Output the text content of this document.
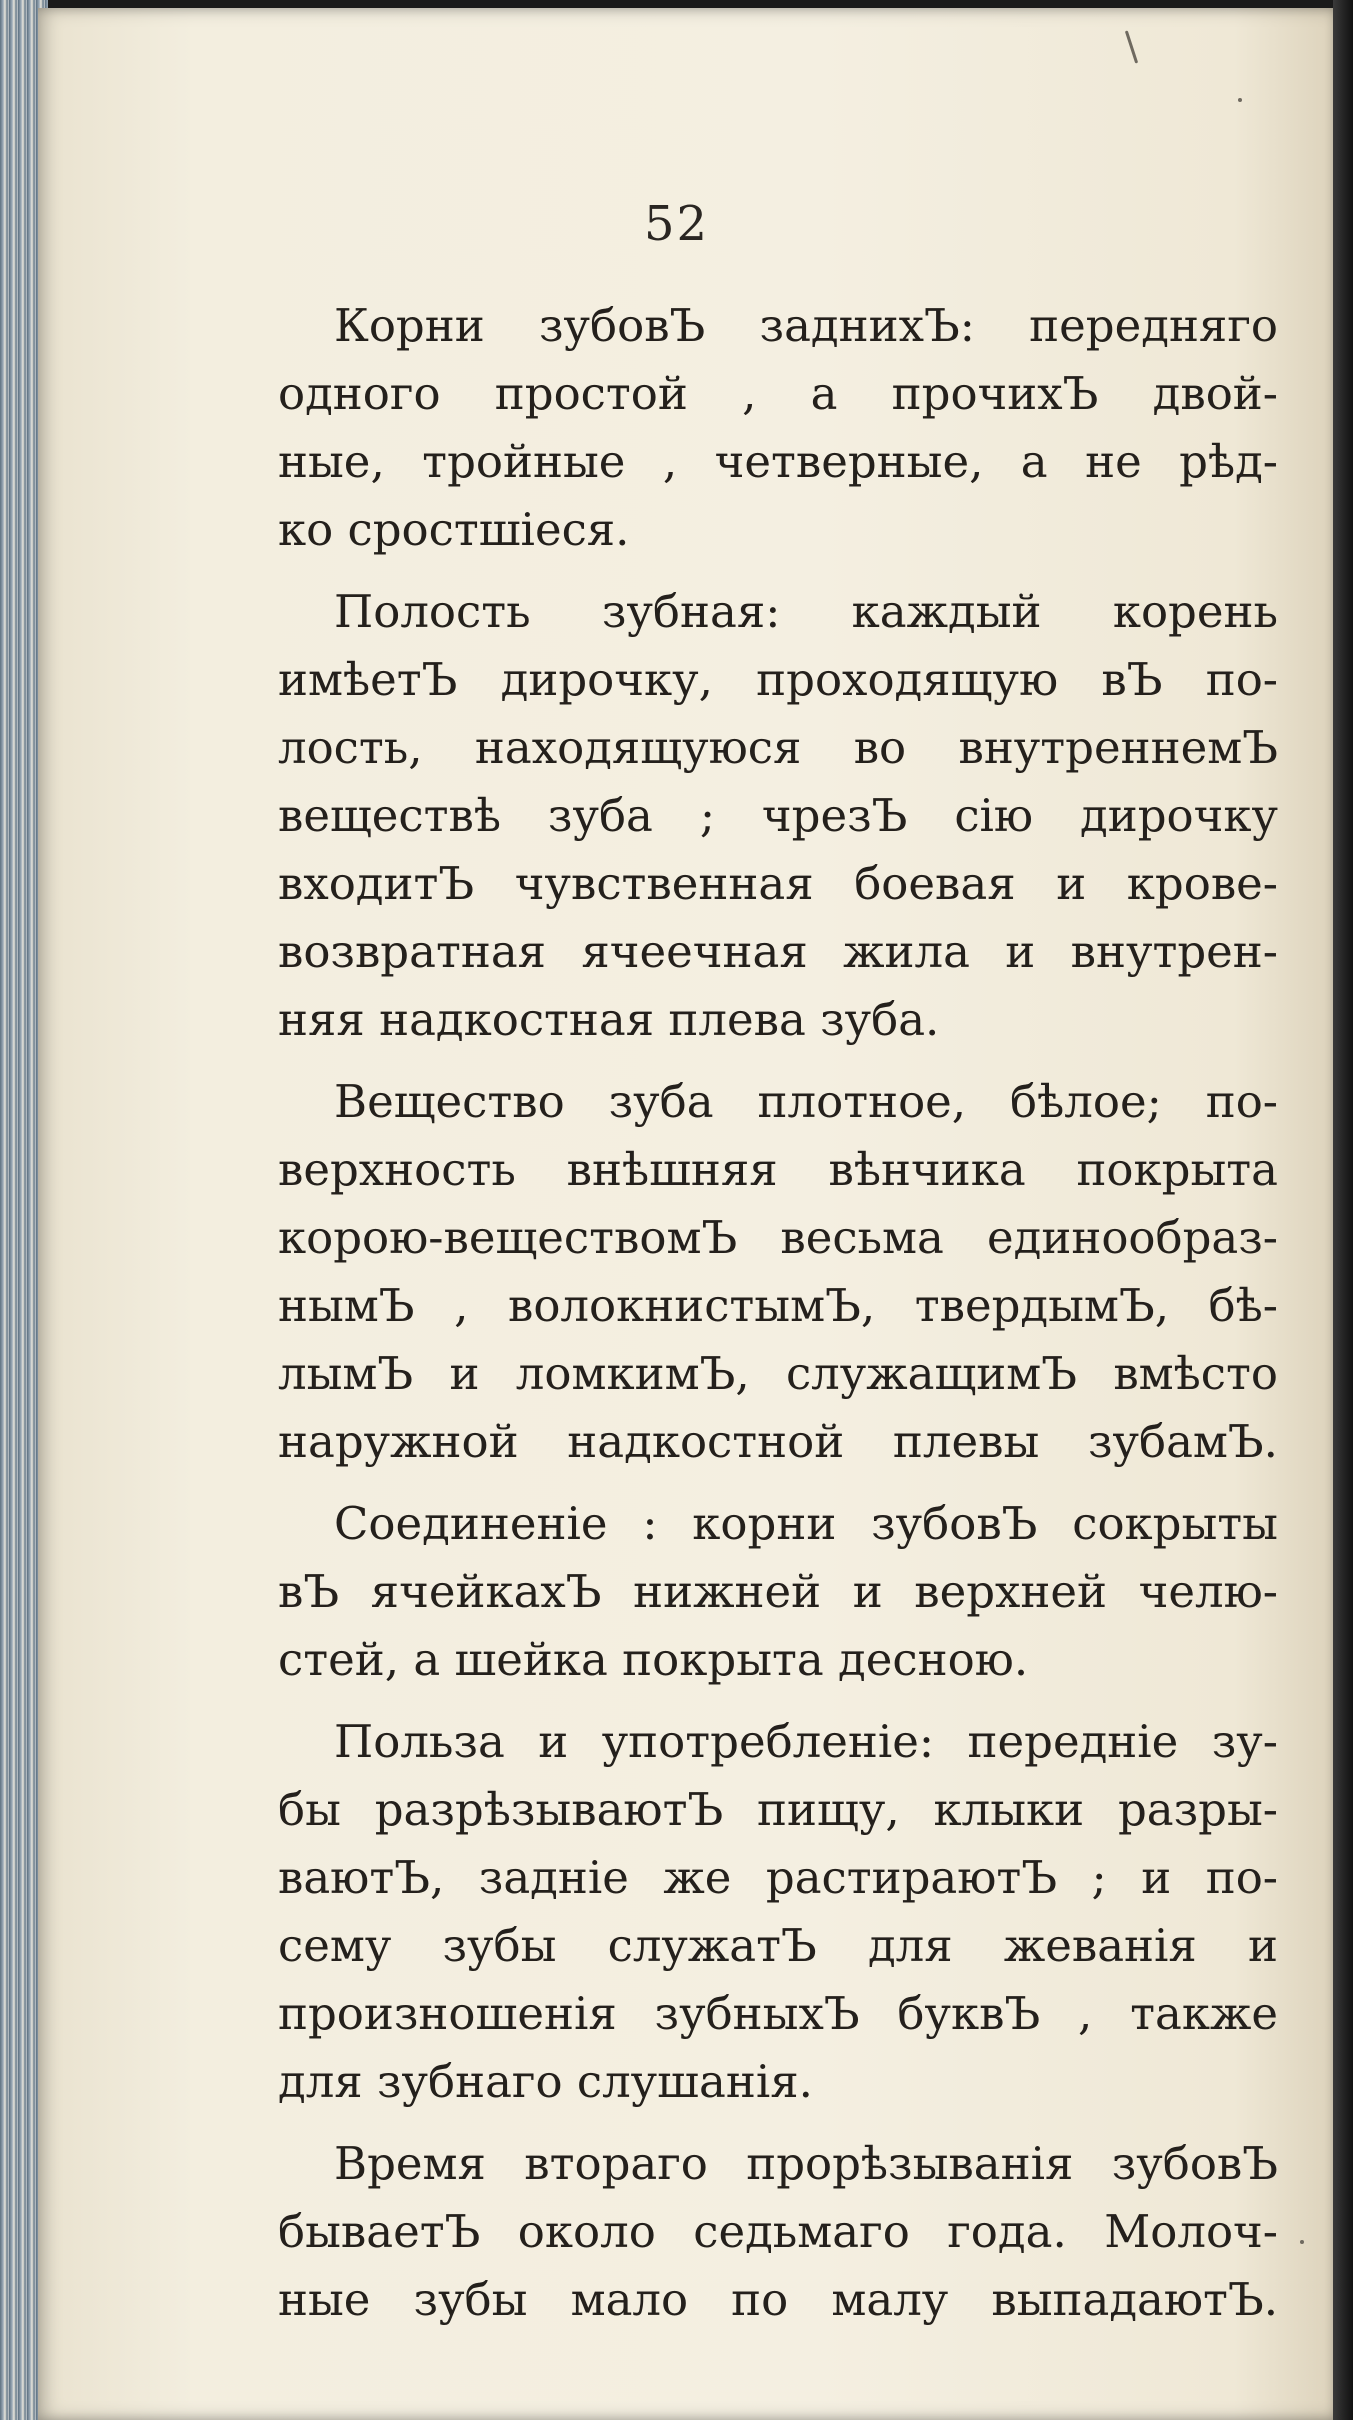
52
Корни зубовЪ заднихЪ: передняго
одного простой , а прочихЪ двой-
ные, тройные , четверные, а не рѣд-
ко сростшіеся.
Полость зубная: каждый корень
имѣетЪ дирочку, проходящую вЪ по-
лость, находящуюся во внутреннемЪ
веществѣ зуба ; чрезЪ сію дирочку
входитЪ чувственная боевая и крове-
возвратная ячеечная жила и внутрен-
няя надкостная плева зуба.
Вещество зуба плотное, бѣлое; по-
верхность внѣшняя вѣнчика покрыта
корою-веществомЪ весьма единообраз-
нымЪ , волокнистымЪ, твердымЪ, бѣ-
лымЪ и ломкимЪ, служащимЪ вмѣсто
наружной надкостной плевы зубамЪ.
Соединеніе : корни зубовЪ сокрыты
вЪ ячейкахЪ нижней и верхней челю-
стей, а шейка покрыта десною.
Польза и употребленіе: передніе зу-
бы разрѣзываютЪ пищу, клыки разры-
ваютЪ, задніе же растираютЪ ; и по-
сему зубы служатЪ для жеванія и
произношенія зубныхЪ буквЪ , также
для зубнаго слушанія.
Время втораго прорѣзыванія зубовЪ
бываетЪ около седьмаго года. Молоч-
ные зубы мало по малу выпадаютЪ.
